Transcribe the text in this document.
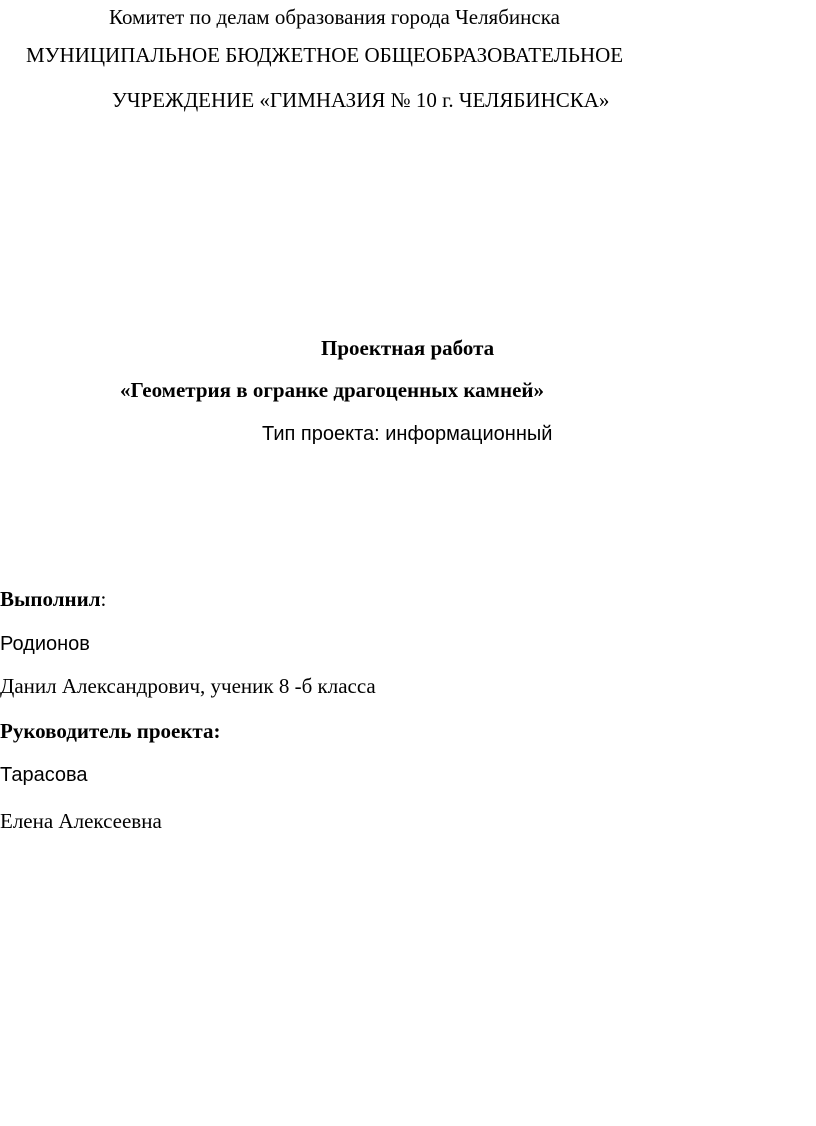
Комитет по делам образования города Челябинска
МУНИЦИПАЛЬНОЕ БЮДЖЕТНОЕ ОБЩЕОБРАЗОВАТЕЛЬНОЕ
УЧРЕЖДЕНИЕ «ГИМНАЗИЯ № 10 г. ЧЕЛЯБИНСКА»
Проектная работа
«Геометрия в огранке драгоценных камней»
Тип проекта: информационный
Выполнил:
Родионов
Данил Александрович, ученик 8 -б класса
Руководитель проекта:
Тарасова
Елена Алексеевна
